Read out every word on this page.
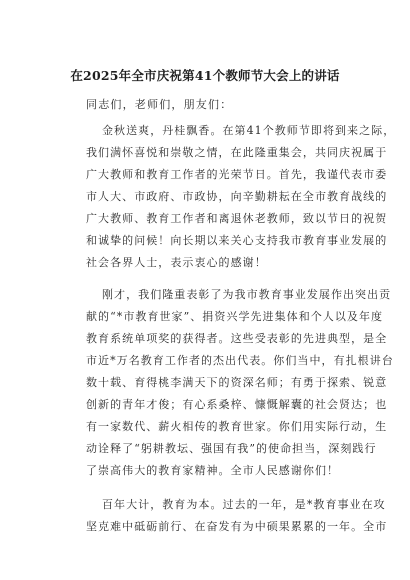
在2025年全市庆祝第41个教师节大会上的讲话
同志们，老师们，朋友们：
金秋送爽，丹桂飘香。在第41个教师节即将到来之际，
我们满怀喜悦和崇敬之情，在此隆重集会，共同庆祝属于
广大教师和教育工作者的光荣节日。首先，我谨代表市委
市人大、市政府、市政协，向辛勤耕耘在全市教育战线的
广大教师、教育工作者和离退休老教师，致以节日的祝贺
和诚挚的问候！向长期以来关心支持我市教育事业发展的
社会各界人士，表示衷心的感谢！
刚才，我们隆重表彰了为我市教育事业发展作出突出贡
献的“*市教育世家”、捐资兴学先进集体和个人以及年度
教育系统单项奖的获得者。这些受表彰的先进典型，是全
市近*万名教育工作者的杰出代表。你们当中，有扎根讲台
数十载、育得桃李满天下的资深名师；有勇于探索、锐意
创新的青年才俊；有心系桑梓、慷慨解囊的社会贤达；也
有一家数代、薪火相传的教育世家。你们用实际行动，生
动诠释了“躬耕教坛、强国有我”的使命担当，深刻践行
了崇高伟大的教育家精神。全市人民感谢你们！
百年大计，教育为本。过去的一年，是*教育事业在攻
坚克难中砥砺前行、在奋发有为中硕果累累的一年。全市
